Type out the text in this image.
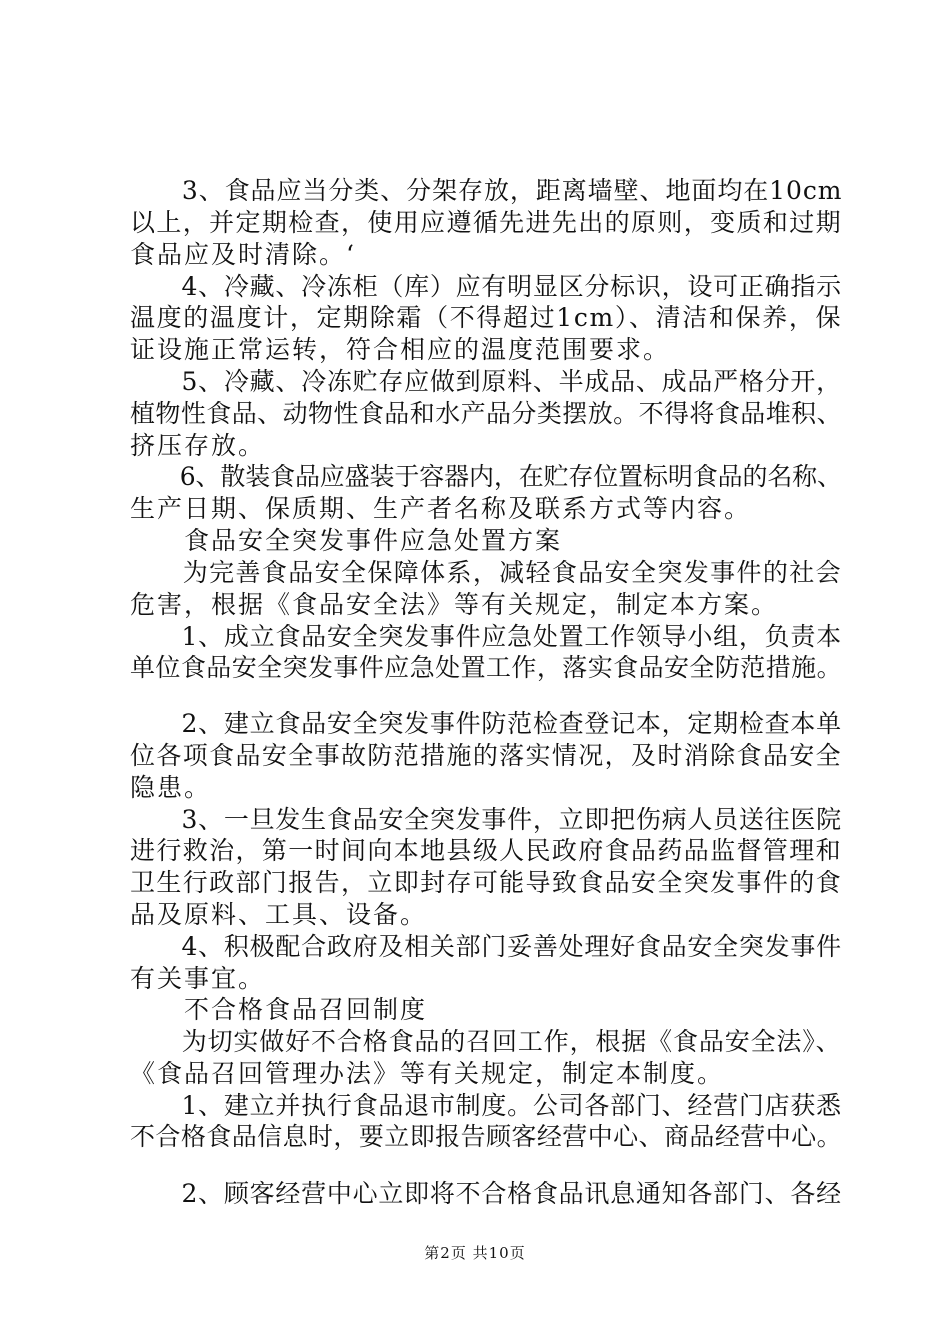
　　3、食品应当分类、分架存放，距离墙壁、地面均在10cm
以上，并定期检查，使用应遵循先进先出的原则，变质和过期
食品应及时清除。‘
　　4、冷藏、冷冻柜（库）应有明显区分标识，设可正确指示
温度的温度计，定期除霜（不得超过1cm）、清洁和保养，保
证设施正常运转，符合相应的温度范围要求。
　　5、冷藏、冷冻贮存应做到原料、半成品、成品严格分开，
植物性食品、动物性食品和水产品分类摆放。不得将食品堆积、
挤压存放。
　　6、散装食品应盛装于容器内，在贮存位置标明食品的名称、
生产日期、保质期、生产者名称及联系方式等内容。
　　食品安全突发事件应急处置方案
　　为完善食品安全保障体系，减轻食品安全突发事件的社会
危害，根据《食品安全法》等有关规定，制定本方案。
　　1、成立食品安全突发事件应急处置工作领导小组，负责本
单位食品安全突发事件应急处置工作，落实食品安全防范措施。
　　2、建立食品安全突发事件防范检查登记本，定期检查本单
位各项食品安全事故防范措施的落实情况，及时消除食品安全
隐患。
　　3、一旦发生食品安全突发事件，立即把伤病人员送往医院
进行救治，第一时间向本地县级人民政府食品药品监督管理和
卫生行政部门报告，立即封存可能导致食品安全突发事件的食
品及原料、工具、设备。
　　4、积极配合政府及相关部门妥善处理好食品安全突发事件
有关事宜。
　　不合格食品召回制度
　　为切实做好不合格食品的召回工作，根据《食品安全法》、
《食品召回管理办法》等有关规定，制定本制度。
　　1、建立并执行食品退市制度。公司各部门、经营门店获悉
不合格食品信息时，要立即报告顾客经营中心、商品经营中心。
　　2、顾客经营中心立即将不合格食品讯息通知各部门、各经
第2页 共10页
